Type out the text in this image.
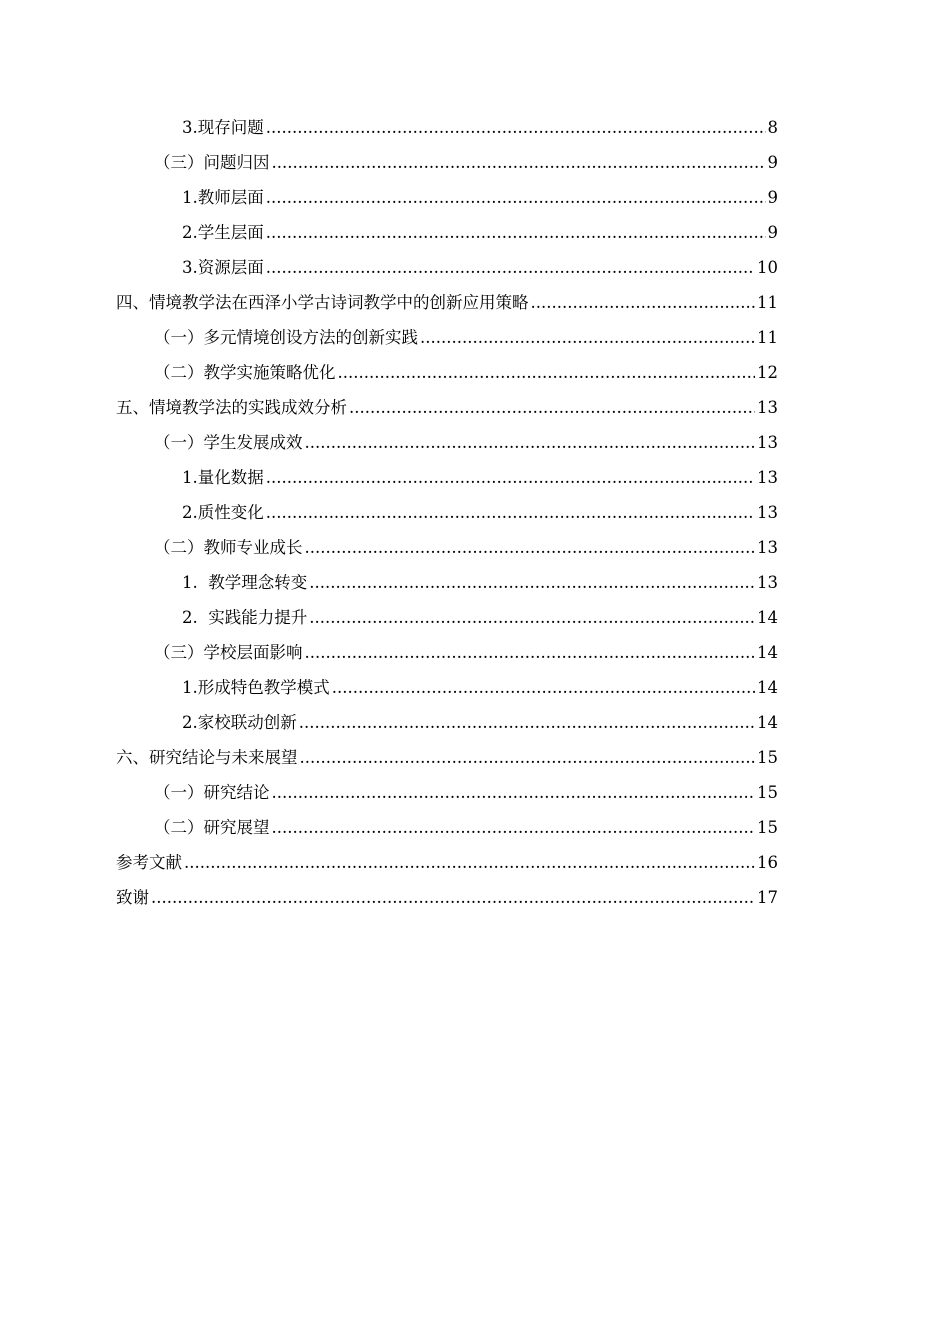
3.现存问题 .....	8
（三）问题归因 .....	9
1.教师层面 .....	9
2.学生层面 .....	9
3.资源层面 .....	10
四、情境教学法在西泽小学古诗词教学中的创新应用策略 .....	11
（一）多元情境创设方法的创新实践 .....	11
（二）教学实施策略优化 .....	12
五、情境教学法的实践成效分析 .....	13
（一）学生发展成效 .....	13
1.量化数据 .....	13
2.质性变化 .....	13
（二）教师专业成长 .....	13
1.  教学理念转变 .....	13
2.  实践能力提升 .....	14
（三）学校层面影响 .....	14
1.形成特色教学模式 .....	14
2.家校联动创新 .....	14
六、研究结论与未来展望 .....	15
（一）研究结论 .....	15
（二）研究展望 .....	15
参考文献 .....	16
致谢 .....	17
